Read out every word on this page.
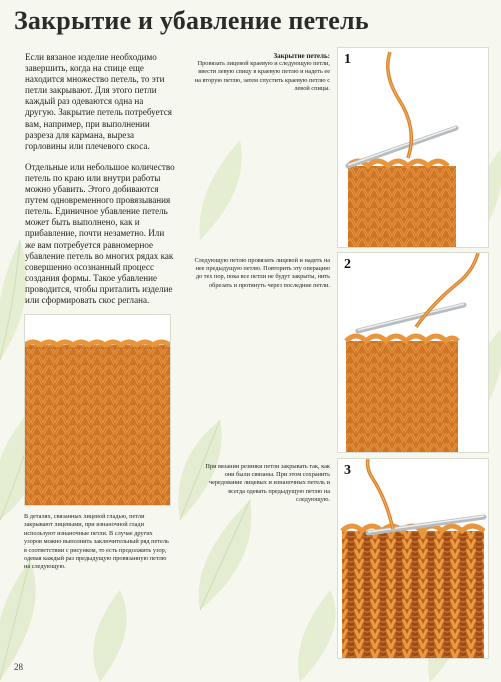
Закрытие и убавление петель

Если вязаное изделие необходимо завершить, когда на спице еще находится множество петель, то эти петли закрывают. Для этого петли каждый раз одеваются одна на другую. Закрытие петель потребуется вам, например, при выполнении разреза для кармана, выреза горловины или плечевого скоса.

Отдельные или небольшое количество петель по краю или внутри работы можно убавить. Этого добиваются путем одновременного провязывания петель. Единичное убавление петель может быть выполнено, как и прибавление, почти незаметно. Или же вам потребуется равномерное убавление петель во многих рядах как совершенно осознанный процесс создания формы. Такое убавление проводится, чтобы приталить изделие или сформировать скос реглана.

Закрытие петель:
Провязать лицевой краевую и следующую петли, ввести левую спицу в краевую петлю и надеть ее на вторую петлю, затем спустить краевую петлю с левой спицы.
1
Следующую петлю провязать лицевой и надеть на нее предыдущую петлю. Повторить эту операцию до тех пор, пока все петли не будут закрыты, нить обрезать и протянуть через последние петли.
2
При вязании резинки петли закрывать так, как они были связаны. При этом сохранить чередование лицевых и изнаночных петель и всегда одевать предыдущую петлю на следующую.
3
В деталях, связанных лицевой гладью, петли закрывают лицевыми, при изнаночной глади используют изнаночные петли. В случае других узоров можно выполнить заключительный ряд петель в соответствии с рисунком, то есть продолжить узор, одевая каждый раз предыдущую провязанную петлю на следующую.
28
